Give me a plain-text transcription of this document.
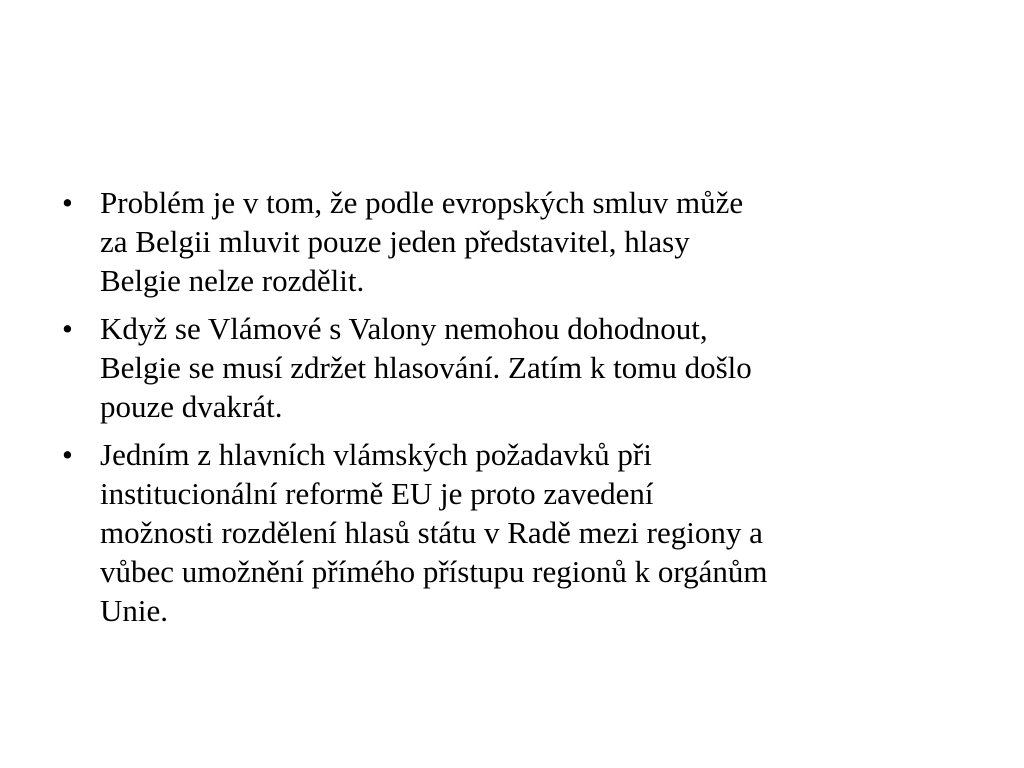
• Problém je v tom, že podle evropských smluv může
za Belgii mluvit pouze jeden představitel, hlasy
Belgie nelze rozdělit.
• Když se Vlámové s Valony nemohou dohodnout,
Belgie se musí zdržet hlasování. Zatím k tomu došlo
pouze dvakrát.
• Jedním z hlavních vlámských požadavků při
institucionální reformě EU je proto zavedení
možnosti rozdělení hlasů státu v Radě mezi regiony a
vůbec umožnění přímého přístupu regionů k orgánům
Unie.
